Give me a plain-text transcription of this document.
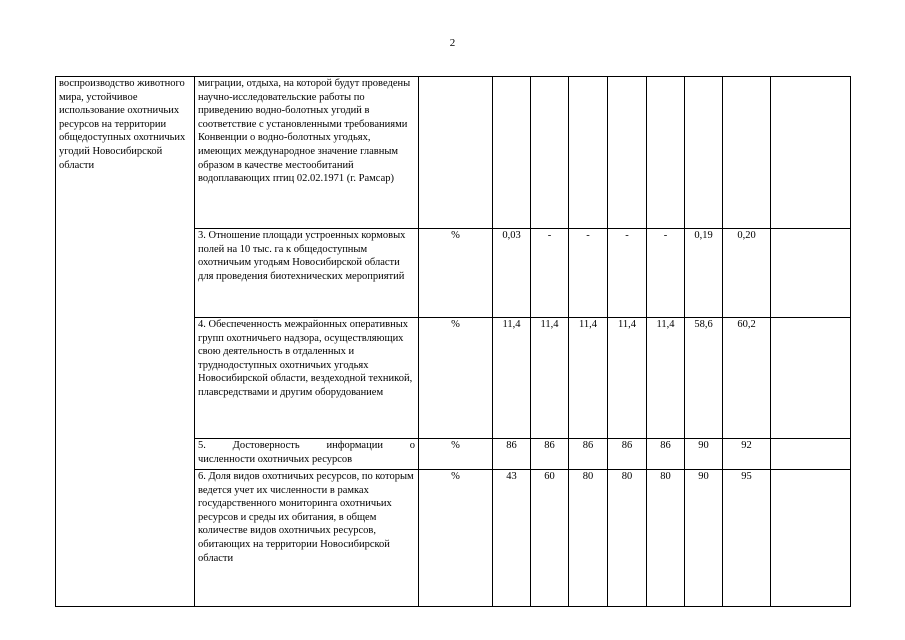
2
воспроизводство животного мира, устойчивое использование охотничьих ресурсов на территории общедоступных охотничьих угодий Новосибирской области	миграции, отдыха, на которой будут проведены научно-исследовательские работы по приведению водно-болотных угодий в соответствие с установленными требованиями Конвенции о водно-болотных угодьях, имеющих международное значение главным образом в качестве местообитаний водоплавающих птиц 02.02.1971 (г. Рамсар)									
	3. Отношение площади устроенных кормовых полей на 10 тыс. га к общедоступным охотничьим угодьям Новосибирской области для проведения биотехнических мероприятий	%	0,03	-	-	-	-	0,19	0,20	
	4. Обеспеченность межрайонных оперативных групп охотничьего надзора, осуществляющих свою деятельность в отдаленных и труднодоступных охотничьих угодьях Новосибирской области, вездеходной техникой, плавсредствами и другим оборудованием	%	11,4	11,4	11,4	11,4	11,4	58,6	60,2	

	5. Достоверность информации о
численности охотничьих ресурсов	%	86	86	86	86	86	90	92	
	6. Доля видов охотничьих ресурсов, по которым ведется учет их численности в рамках государственного мониторинга охотничьих ресурсов и среды их обитания, в общем количестве видов охотничьих ресурсов, обитающих на территории Новосибирской области	%	43	60	80	80	80	90	95	
